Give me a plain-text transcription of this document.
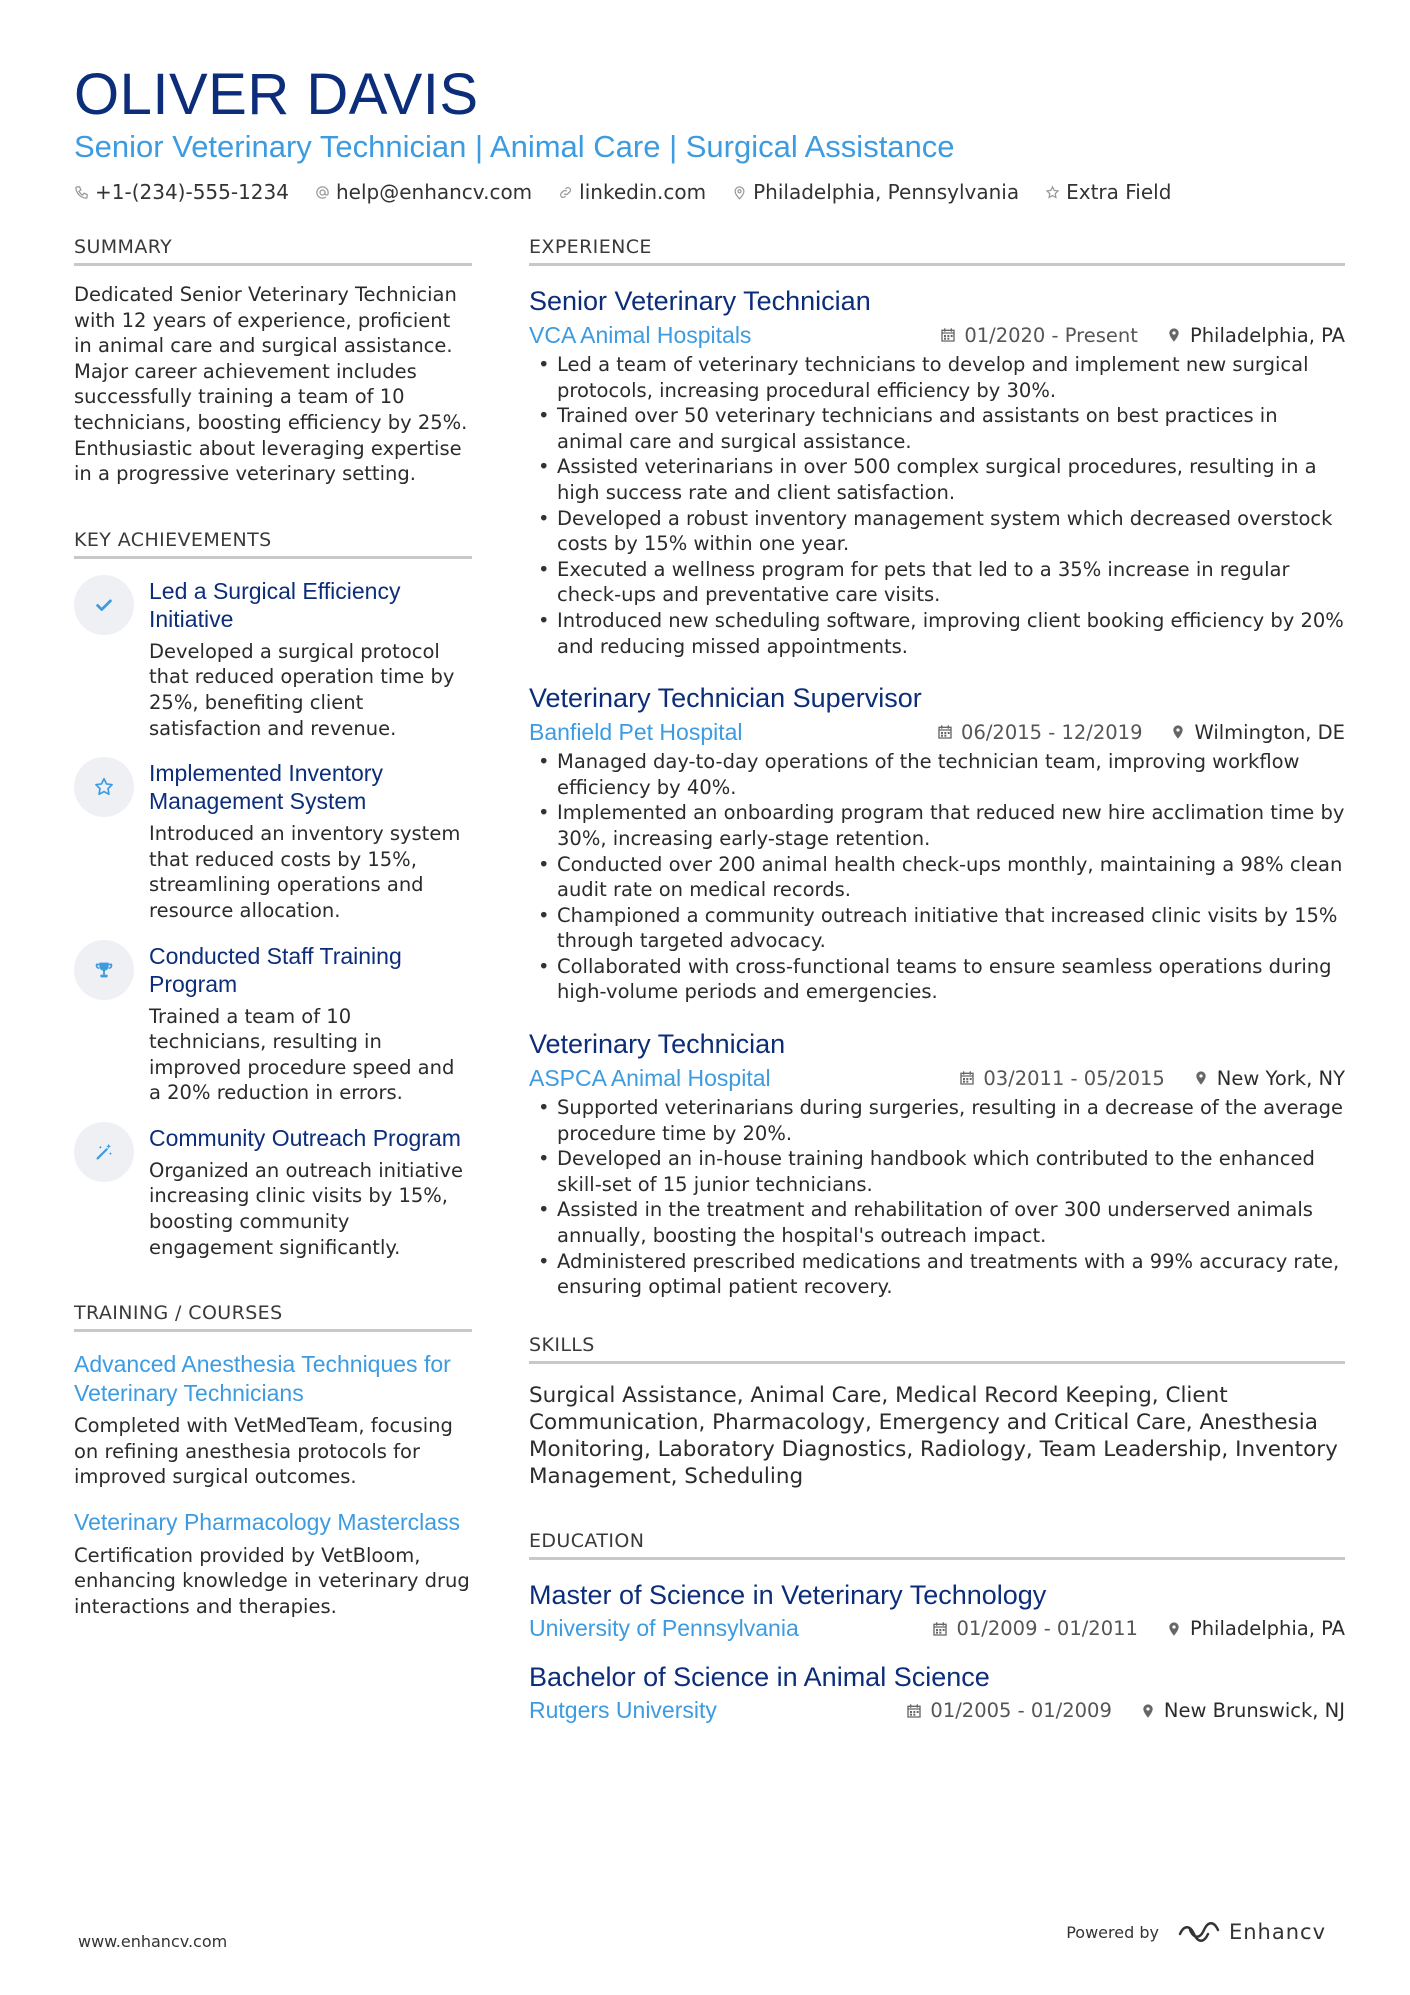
OLIVER DAVIS
Senior Veterinary Technician | Animal Care | Surgical Assistance
+1-(234)-555-1234 help@enhancv.com linkedin.com Philadelphia, Pennsylvania Extra Field
SUMMARY
Dedicated Senior Veterinary Technician with 12 years of experience, proficient in animal care and surgical assistance. Major career achievement includes successfully training a team of 10 technicians, boosting efficiency by 25%. Enthusiastic about leveraging expertise in a progressive veterinary setting.
KEY ACHIEVEMENTS
Led a Surgical Efficiency Initiative
Developed a surgical protocol that reduced operation time by 25%, benefiting client satisfaction and revenue.
Implemented Inventory Management System
Introduced an inventory system that reduced costs by 15%, streamlining operations and resource allocation.
Conducted Staff Training Program
Trained a team of 10 technicians, resulting in improved procedure speed and a 20% reduction in errors.
Community Outreach Program
Organized an outreach initiative increasing clinic visits by 15%, boosting community engagement significantly.
TRAINING / COURSES
Advanced Anesthesia Techniques for Veterinary Technicians
Completed with VetMedTeam, focusing on refining anesthesia protocols for improved surgical outcomes.
Veterinary Pharmacology Masterclass
Certification provided by VetBloom, enhancing knowledge in veterinary drug interactions and therapies.
EXPERIENCE
Senior Veterinary Technician
VCA Animal Hospitals	01/2020 - Present	Philadelphia, PA
• Led a team of veterinary technicians to develop and implement new surgical protocols, increasing procedural efficiency by 30%.
• Trained over 50 veterinary technicians and assistants on best practices in animal care and surgical assistance.
• Assisted veterinarians in over 500 complex surgical procedures, resulting in a high success rate and client satisfaction.
• Developed a robust inventory management system which decreased overstock costs by 15% within one year.
• Executed a wellness program for pets that led to a 35% increase in regular check-ups and preventative care visits.
• Introduced new scheduling software, improving client booking efficiency by 20% and reducing missed appointments.
Veterinary Technician Supervisor
Banfield Pet Hospital	06/2015 - 12/2019	Wilmington, DE
• Managed day-to-day operations of the technician team, improving workflow efficiency by 40%.
• Implemented an onboarding program that reduced new hire acclimation time by 30%, increasing early-stage retention.
• Conducted over 200 animal health check-ups monthly, maintaining a 98% clean audit rate on medical records.
• Championed a community outreach initiative that increased clinic visits by 15% through targeted advocacy.
• Collaborated with cross-functional teams to ensure seamless operations during high-volume periods and emergencies.
Veterinary Technician
ASPCA Animal Hospital	03/2011 - 05/2015	New York, NY
• Supported veterinarians during surgeries, resulting in a decrease of the average procedure time by 20%.
• Developed an in-house training handbook which contributed to the enhanced skill-set of 15 junior technicians.
• Assisted in the treatment and rehabilitation of over 300 underserved animals annually, boosting the hospital's outreach impact.
• Administered prescribed medications and treatments with a 99% accuracy rate, ensuring optimal patient recovery.
SKILLS
Surgical Assistance, Animal Care, Medical Record Keeping, Client Communication, Pharmacology, Emergency and Critical Care, Anesthesia Monitoring, Laboratory Diagnostics, Radiology, Team Leadership, Inventory Management, Scheduling
EDUCATION
Master of Science in Veterinary Technology
University of Pennsylvania	01/2009 - 01/2011	Philadelphia, PA
Bachelor of Science in Animal Science
Rutgers University	01/2005 - 01/2009	New Brunswick, NJ
www.enhancv.com	Powered by	Enhancv
